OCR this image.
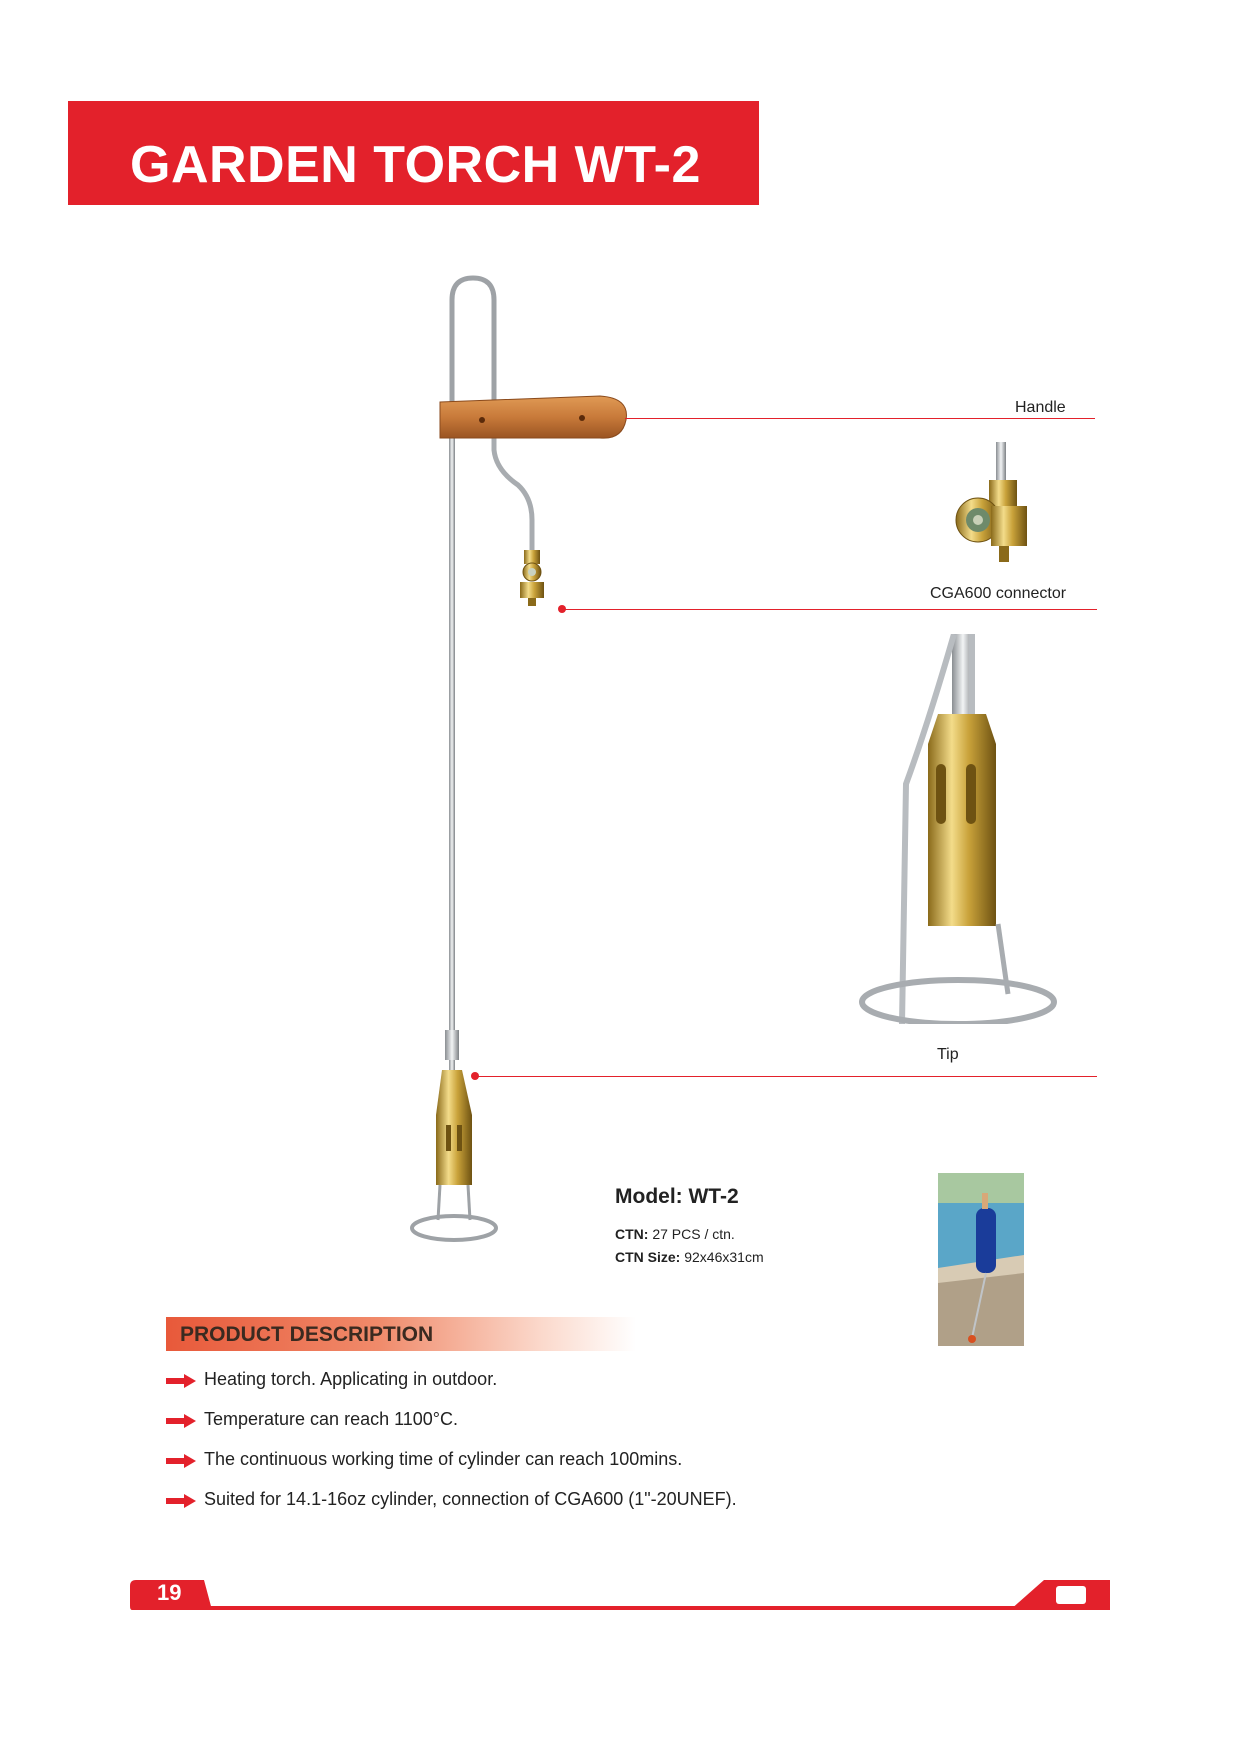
GARDEN TORCH WT-2
Handle
CGA600 connector
Tip
Model: WT-2
CTN: 27 PCS / ctn.
CTN Size: 92x46x31cm
PRODUCT DESCRIPTION
Heating torch. Applicating in outdoor.
Temperature can reach 1100°C.
The continuous working time of cylinder can reach 100mins.
Suited for 14.1-16oz cylinder, connection of CGA600 (1"-20UNEF).
19
